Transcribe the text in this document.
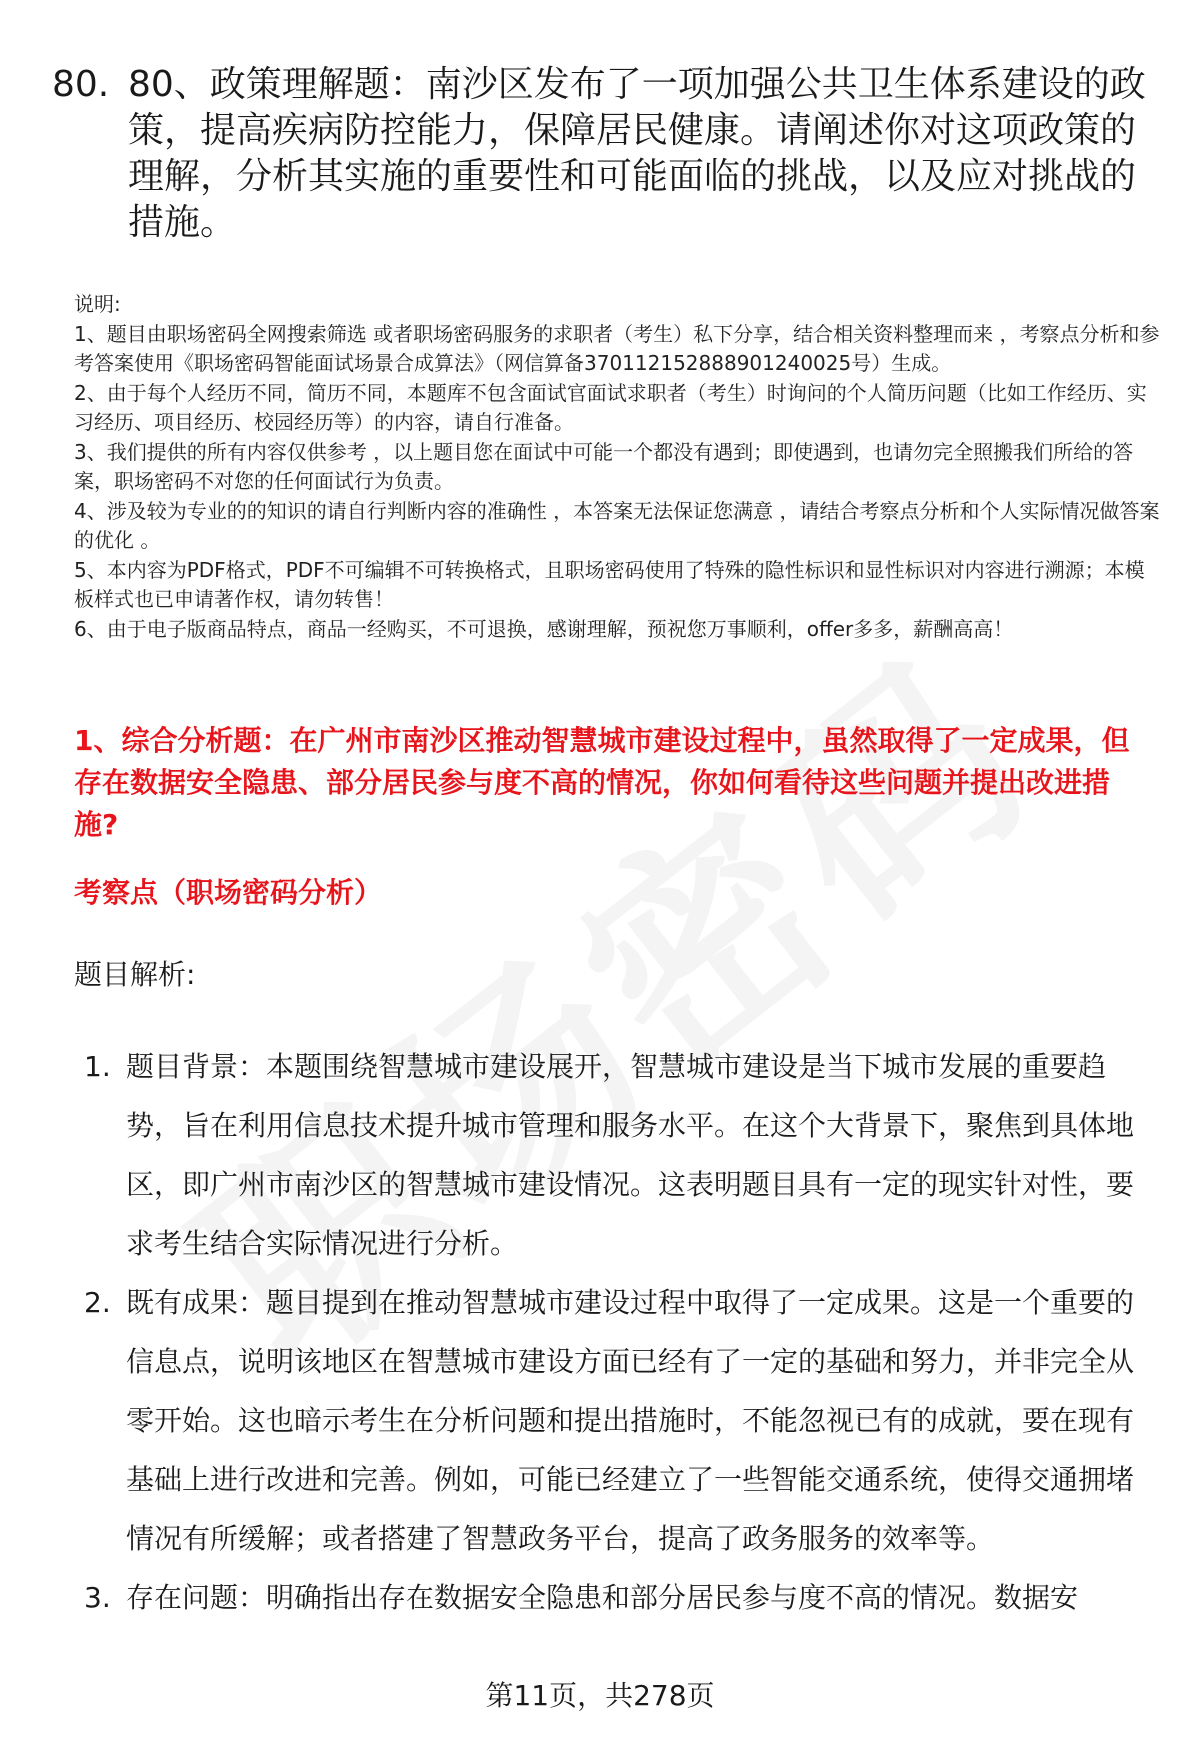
80. 80、政策理解题：南沙区发布了一项加强公共卫生体系建设的政策，提高疾病防控能力，保障居民健康。请阐述你对这项政策的理解，分析其实施的重要性和可能面临的挑战，以及应对挑战的措施。

说明:

1、题目由职场密码全网搜索筛选 或者职场密码服务的求职者（考生）私下分享，结合相关资料整理而来 ，考察点分析和参考答案使用《职场密码智能面试场景合成算法》（网信算备370112152888901240025号）生成。

2、由于每个人经历不同，简历不同，本题库不包含面试官面试求职者（考生）时询问的个人简历问题（比如工作经历、实习经历、项目经历、校园经历等）的内容，请自行准备。

3、我们提供的所有内容仅供参考 ，以上题目您在面试中可能一个都没有遇到；即使遇到，也请勿完全照搬我们所给的答案，职场密码不对您的任何面试行为负责。

4、涉及较为专业的的知识的请自行判断内容的准确性 ，本答案无法保证您满意 ，请结合考察点分析和个人实际情况做答案的优化 。

5、本内容为PDF格式，PDF不可编辑不可转换格式，且职场密码使用了特殊的隐性标识和显性标识对内容进行溯源；本模板样式也已申请著作权，请勿转售！

6、由于电子版商品特点，商品一经购买，不可退换，感谢理解，预祝您万事顺利，offer多多，薪酬高高！

1、综合分析题：在广州市南沙区推动智慧城市建设过程中，虽然取得了一定成果，但存在数据安全隐患、部分居民参与度不高的情况，你如何看待这些问题并提出改进措施?
考察点（职场密码分析）
题目解析:
1. 题目背景：本题围绕智慧城市建设展开，智慧城市建设是当下城市发展的重要趋势，旨在利用信息技术提升城市管理和服务水平。在这个大背景下，聚焦到具体地区，即广州市南沙区的智慧城市建设情况。这表明题目具有一定的现实针对性，要求考生结合实际情况进行分析。
2. 既有成果：题目提到在推动智慧城市建设过程中取得了一定成果。这是一个重要的信息点，说明该地区在智慧城市建设方面已经有了一定的基础和努力，并非完全从零开始。这也暗示考生在分析问题和提出措施时，不能忽视已有的成就，要在现有基础上进行改进和完善。例如，可能已经建立了一些智能交通系统，使得交通拥堵情况有所缓解；或者搭建了智慧政务平台，提高了政务服务的效率等。
3. 存在问题：明确指出存在数据安全隐患和部分居民参与度不高的情况。数据安
第11页，共278页
